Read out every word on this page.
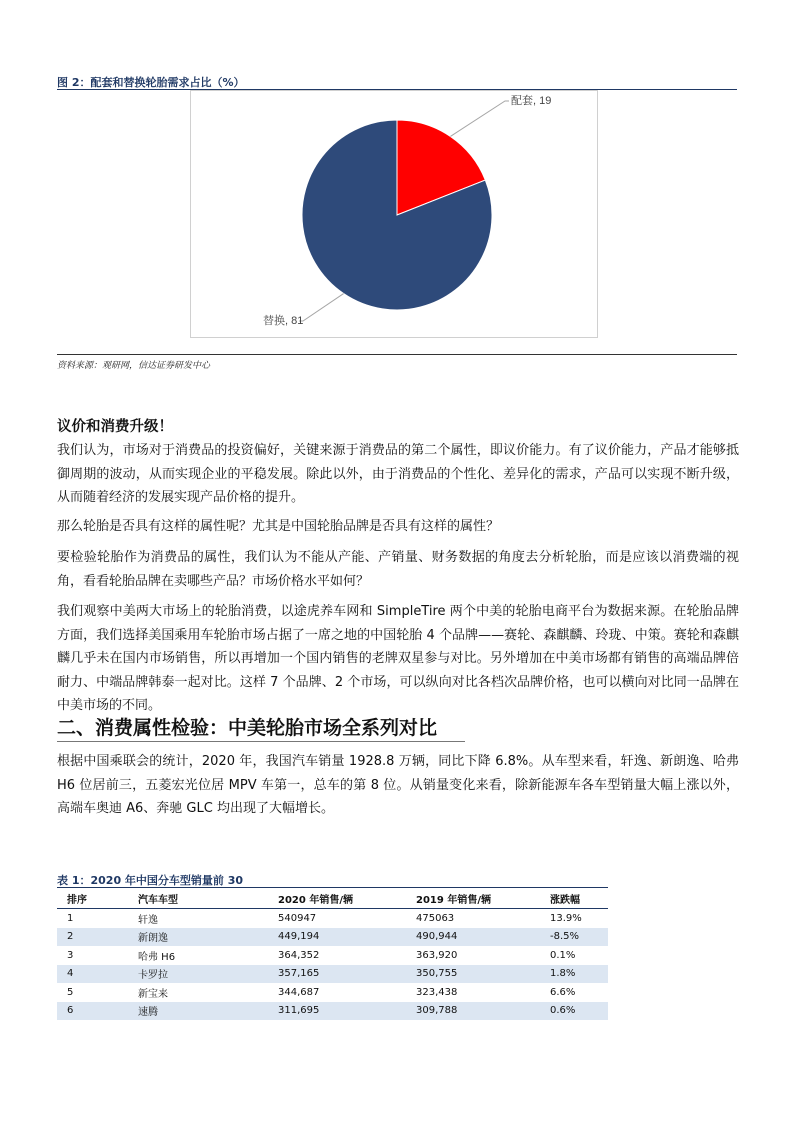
图 2：配套和替换轮胎需求占比（%）
配套, 19
替换, 81
资料来源：观研网，信达证券研发中心
议价和消费升级！
我们认为，市场对于消费品的投资偏好，关键来源于消费品的第二个属性，即议价能力。有了议价能力，产品才能够抵御周期的波动，从而实现企业的平稳发展。除此以外，由于消费品的个性化、差异化的需求，产品可以实现不断升级，从而随着经济的发展实现产品价格的提升。
那么轮胎是否具有这样的属性呢？尤其是中国轮胎品牌是否具有这样的属性？
要检验轮胎作为消费品的属性，我们认为不能从产能、产销量、财务数据的角度去分析轮胎，而是应该以消费端的视角，看看轮胎品牌在卖哪些产品？市场价格水平如何？
我们观察中美两大市场上的轮胎消费，以途虎养车网和 SimpleTire 两个中美的轮胎电商平台为数据来源。在轮胎品牌方面，我们选择美国乘用车轮胎市场占据了一席之地的中国轮胎 4 个品牌——赛轮、森麒麟、玲珑、中策。赛轮和森麒麟几乎未在国内市场销售，所以再增加一个国内销售的老牌双星参与对比。另外增加在中美市场都有销售的高端品牌倍耐力、中端品牌韩泰一起对比。这样 7 个品牌、2 个市场，可以纵向对比各档次品牌价格，也可以横向对比同一品牌在中美市场的不同。
二、消费属性检验：中美轮胎市场全系列对比
根据中国乘联会的统计，2020 年，我国汽车销量 1928.8 万辆，同比下降 6.8%。从车型来看，轩逸、新朗逸、哈弗 H6 位居前三，五菱宏光位居 MPV 车第一，总车的第 8 位。从销量变化来看，除新能源车各车型销量大幅上涨以外，高端车奥迪 A6、奔驰 GLC 均出现了大幅增长。
表 1：2020 年中国分车型销量前 30
排序	汽车车型	2020 年销售/辆	2019 年销售/辆	涨跌幅
1	轩逸	540947	475063	13.9%
2	新朗逸	449,194	490,944	-8.5%
3	哈弗 H6	364,352	363,920	0.1%
4	卡罗拉	357,165	350,755	1.8%
5	新宝来	344,687	323,438	6.6%
6	速腾	311,695	309,788	0.6%
